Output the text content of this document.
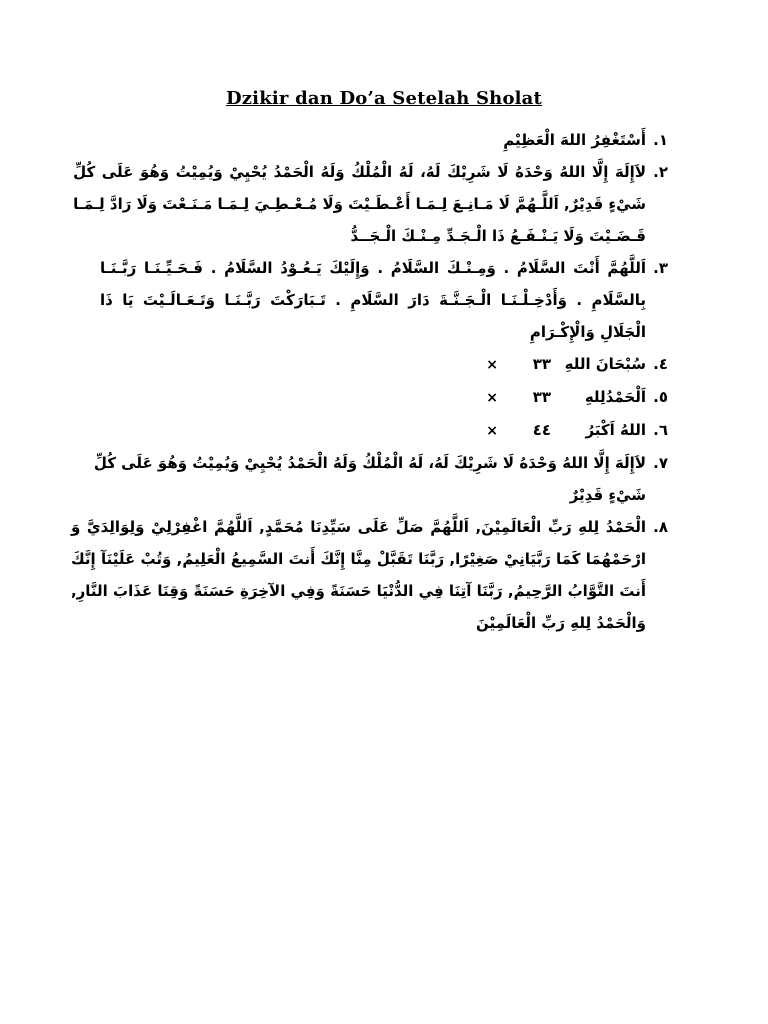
Dzikir dan Do’a Setelah Sholat
١.
أَسْتَغْفِرُ اللهَ الْعَظِيْمِ
٢.
لاَإِلَهَ إِلَّا اللهُ وَحْدَهُ لَا شَرِيْكَ لَهُ، لَهُ الْمُلْكُ وَلَهُ الْحَمْدُ يُحْيِيْ وَيُمِيْتُ وَهُوَ عَلَى كُلِّ
شَيْءٍ قَدِيْرٌ, اَللَّـهُمَّ لَا مَـانِـعَ لِـمَـا أَعْـطَـيْتَ وَلَا مُـعْـطِـيَ لِـمَـا مَـنَـعْتَ وَلَا رَادَّ لِـمَـا
قَـضَـيْتَ وَلَا يَـنْـفَـعُ ذَا الْـجَـدِّ مِـنْـكَ الْـجَــدُّ
٣.
اَللَّهُمَّ أَنْتَ السَّلَامُ . وَمِـنْـكَ السَّلَامُ . وَإِلَيْكَ يَـعُـوْدُ السَّلَامُ . فَـحَـيِّـنَـا رَبَّـنَـا
بِالسَّلَامِ . وَأَدْخِـلْـنَـا الْـجَـنَّـةَ دَارَ السَّلَامِ . تَـبَارَكْتَ رَبَّـنَـا وَتَـعَـالَـيْتَ يَا ذَا
الْجَلَالِ وَالْإِكْـرَامِ
٤.
سُبْحَانَ اللهِ
٣٣
×
٥.
اَلْحَمْدُلِلهِ
٣٣
×
٦.
اللهُ اَكْبَرُ
٤٤
×
٧.
لاَإِلَهَ إِلَّا اللهُ وَحْدَهُ لَا شَرِيْكَ لَهُ، لَهُ الْمُلْكُ وَلَهُ الْحَمْدُ يُحْيِيْ وَيُمِيْتُ وَهُوَ عَلَى كُلِّ
شَيْءٍ قَدِيْرٌ
٨.
الْحَمْدُ لِلهِ رَبِّ الْعَالَمِيْنَ, اَللَّهُمَّ صَلِّ عَلَى سَيِّدِنَا مُحَمَّدٍ, اَللَّهُمَّ اغْفِرْلِيْ وَلِوَالِدَيَّ وَ
ارْحَمْهُمَا كَمَا رَبَّيَانِيْ صَغِيْرًا, رَبَّنَا تَقَبَّلْ مِنَّا إِنَّكَ أَنتَ السَّمِيعُ الْعَلِيمُ, وَتُبْ عَلَيْنَآ إِنَّكَ
أَنتَ التَّوَّابُ الرَّحِيمُ, رَبَّنَا آتِنَا فِي الدُّنْيَا حَسَنَةً وَفِي الآخِرَةِ حَسَنَةً وَقِنَا عَذَابَ النَّارِ,
وَالْحَمْدُ لِلهِ رَبِّ الْعَالَمِيْنَ
